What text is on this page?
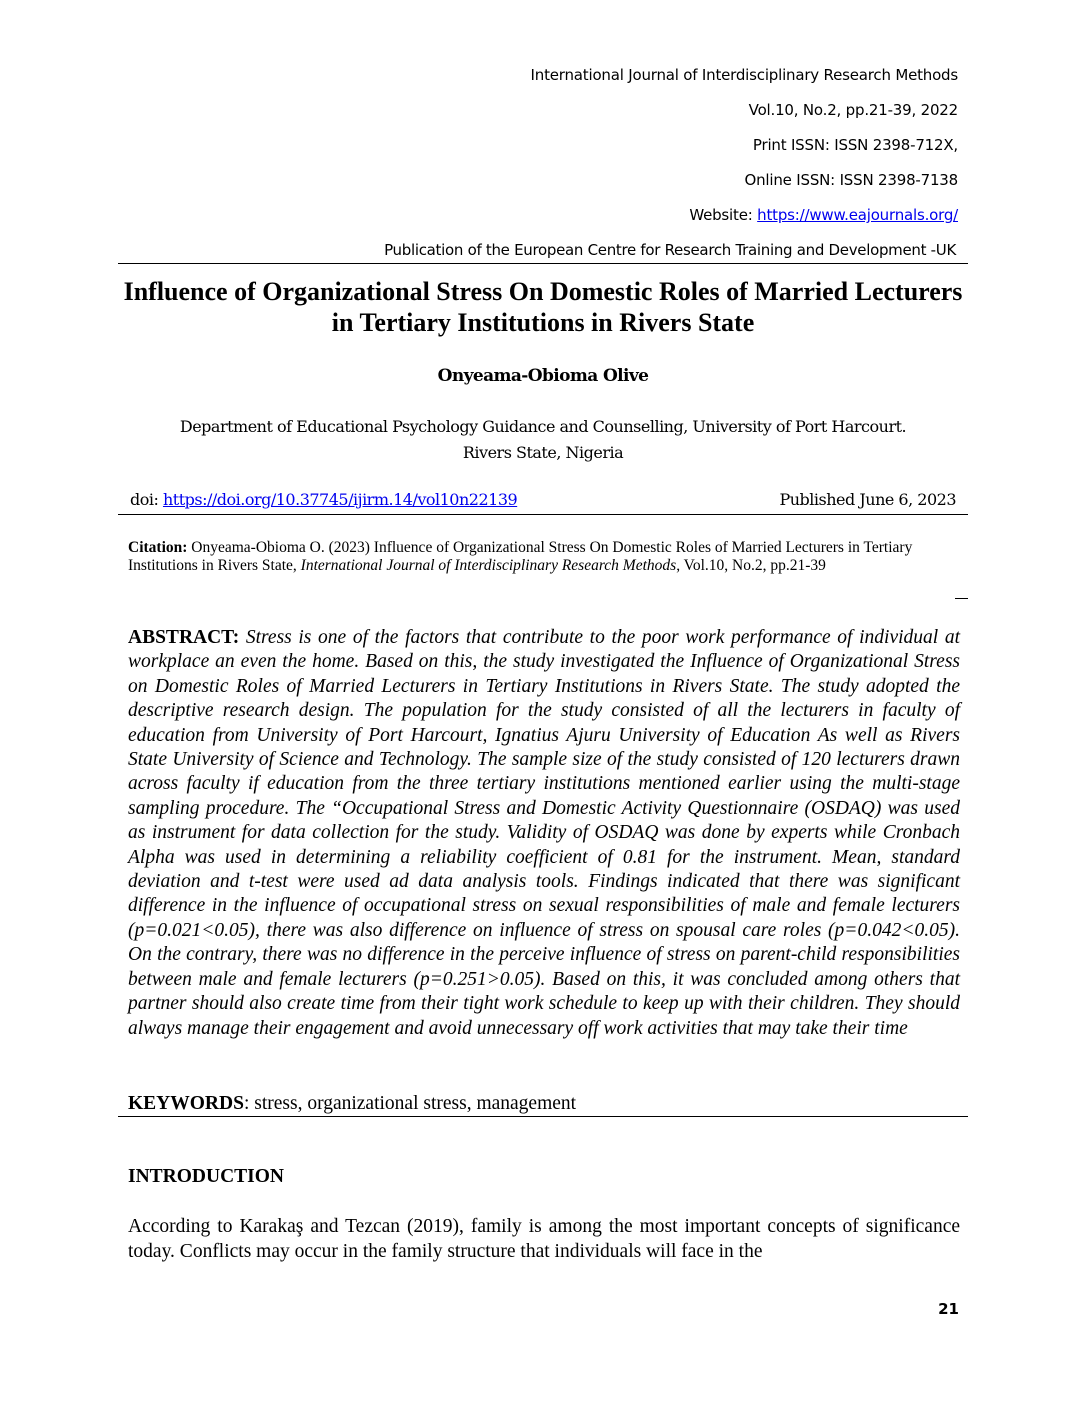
International Journal of Interdisciplinary Research Methods
Vol.10, No.2, pp.21-39, 2022
Print ISSN: ISSN 2398-712X,
Online ISSN: ISSN 2398-7138
Website: https://www.eajournals.org/
Publication of the European Centre for Research Training and Development -UK
Influence of Organizational Stress On Domestic Roles of Married Lecturers in Tertiary Institutions in Rivers State
Onyeama-Obioma Olive
Department of Educational Psychology Guidance and Counselling, University of Port Harcourt.
Rivers State, Nigeria
doi: https://doi.org/10.37745/ijirm.14/vol10n22139	Published June 6, 2023
Citation: Onyeama-Obioma O. (2023) Influence of Organizational Stress On Domestic Roles of Married Lecturers in Tertiary Institutions in Rivers State, International Journal of Interdisciplinary Research Methods, Vol.10, No.2, pp.21-39
ABSTRACT: Stress is one of the factors that contribute to the poor work performance of individual at workplace an even the home. Based on this, the study investigated the Influence of Organizational Stress on Domestic Roles of Married Lecturers in Tertiary Institutions in Rivers State. The study adopted the descriptive research design. The population for the study consisted of all the lecturers in faculty of education from University of Port Harcourt, Ignatius Ajuru University of Education As well as Rivers State University of Science and Technology. The sample size of the study consisted of 120 lecturers drawn across faculty if education from the three tertiary institutions mentioned earlier using the multi-stage sampling procedure. The “Occupational Stress and Domestic Activity Questionnaire (OSDAQ) was used as instrument for data collection for the study. Validity of OSDAQ was done by experts while Cronbach Alpha was used in determining a reliability coefficient of 0.81 for the instrument. Mean, standard deviation and t-test were used ad data analysis tools. Findings indicated that there was significant difference in the influence of occupational stress on sexual responsibilities of male and female lecturers (p=0.021<0.05), there was also difference on influence of stress on spousal care roles (p=0.042<0.05). On the contrary, there was no difference in the perceive influence of stress on parent-child responsibilities between male and female lecturers (p=0.251>0.05). Based on this, it was concluded among others that partner should also create time from their tight work schedule to keep up with their children. They should always manage their engagement and avoid unnecessary off work activities that may take their time
KEYWORDS: stress, organizational stress, management
INTRODUCTION
According to Karakaş and Tezcan (2019), family is among the most important concepts of significance today. Conflicts may occur in the family structure that individuals will face in the
21
